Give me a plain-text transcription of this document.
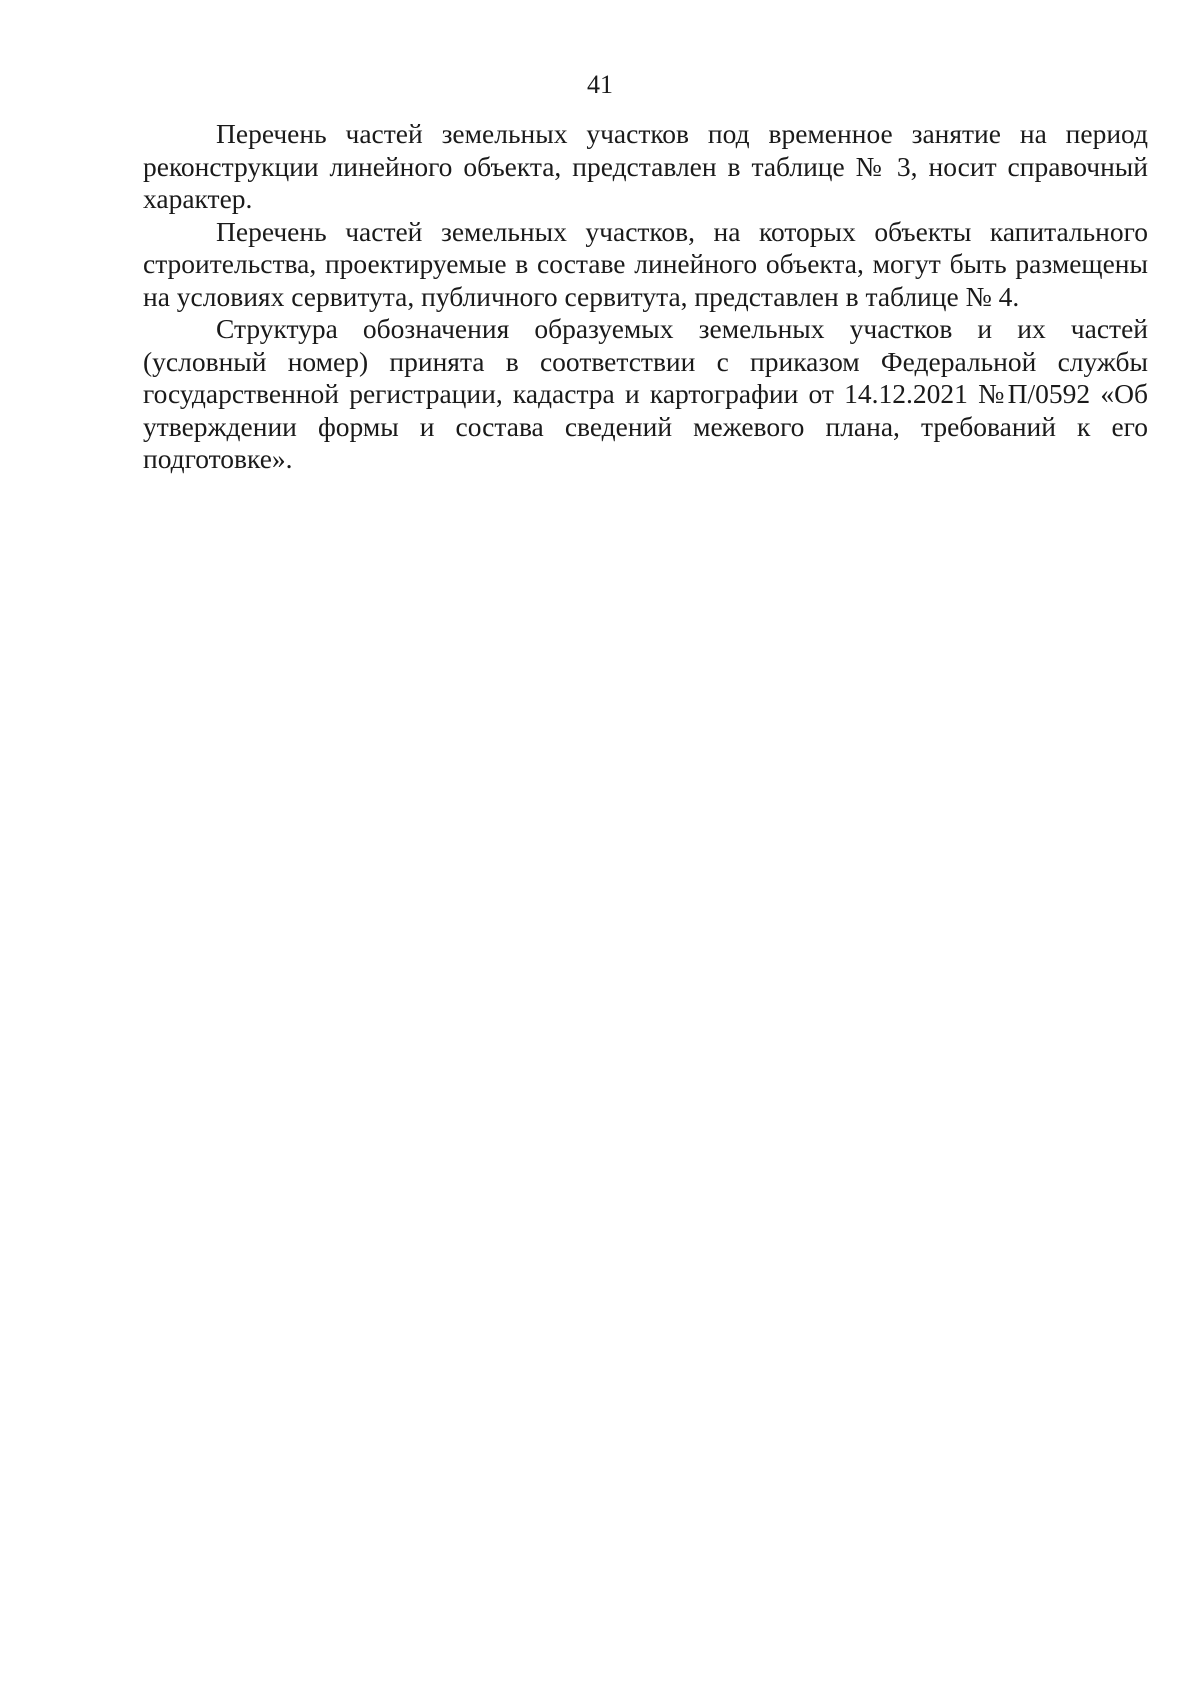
41

Перечень частей земельных участков под временное занятие на период реконструкции линейного объекта, представлен в таблице № 3, носит справочный характер.

Перечень частей земельных участков, на которых объекты капитального строительства, проектируемые в составе линейного объекта, могут быть размещены на условиях сервитута, публичного сервитута, представлен в таблице № 4.

Структура обозначения образуемых земельных участков и их частей (условный номер) принята в соответствии с приказом Федеральной службы государственной регистрации, кадастра и картографии от 14.12.2021 №П/0592 «Об утверждении формы и состава сведений межевого плана, требований к его подготовке».
